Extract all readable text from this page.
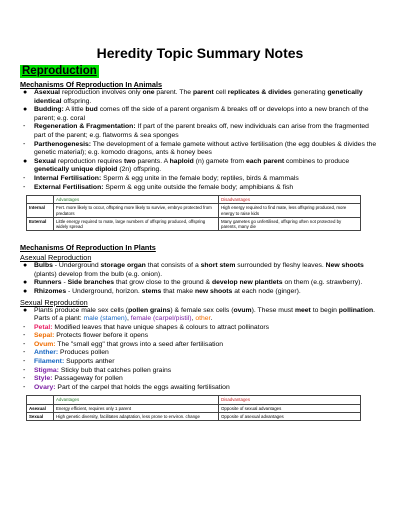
Heredity Topic Summary Notes
Reproduction
Mechanisms Of Reproduction In Animals
● Asexual reproduction involves only one parent. The parent cell replicates & divides generating genetically identical offspring.
● Budding: A little bud comes off the side of a parent organism & breaks off or develops into a new branch of the parent; e.g. coral
- Regeneration & Fragmentation: If part of the parent breaks off, new individuals can arise from the fragmented part of the parent; e.g. flatworms & sea sponges
- Parthenogenesis: The development of a female gamete without active fertilisation (the egg doubles & divides the genetic material); e.g. komodo dragons, ants & honey bees
● Sexual reproduction requires two parents. A haploid (n) gamete from each parent combines to produce genetically unique diploid (2n) offspring.
- Internal Fertilisation: Sperm & egg unite in the female body; reptiles, birds & mammals
- External Fertilisation: Sperm & egg unite outside the female body; amphibians & fish
	Advantages	Disadvantages
Internal	Fert. more likely to occur, offspring more likely to survive, embryo protected from predators	High energy required to find mate, less offspring produced, more energy to raise kids
External	Little energy required to mate, large numbers of offspring produced, offspring widely spread	Many gametes go unfertilised, offspring often not protected by parents, many die
Mechanisms Of Reproduction In Plants
Asexual Reproduction
● Bulbs - Underground storage organ that consists of a short stem surrounded by fleshy leaves. New shoots (plants) develop from the bulb (e.g. onion).
● Runners - Side branches that grow close to the ground & develop new plantlets on them (e.g. strawberry).
● Rhizomes - Underground, horizon. stems that make new shoots at each node (ginger).
Sexual Reproduction
● Plants produce male sex cells (pollen grains) & female sex cells (ovum). These must meet to begin pollination. Parts of a plant: male (stamen), female (carpel/pistil), other.
- Petal: Modified leaves that have unique shapes & colours to attract pollinators
- Sepal: Protects flower before it opens
- Ovum: The "small egg" that grows into a seed after fertilisation
- Anther: Produces pollen
- Filament: Supports anther
- Stigma: Sticky bub that catches pollen grains
- Style: Passageway for pollen
- Ovary: Part of the carpel that holds the eggs awaiting fertilisation
	Advantages	Disadvantages
Asexual	Energy efficient, requires only 1 parent	Opposite of sexual advantages
Sexual	High genetic diversity, facilitates adaptation, less prone to environ. change	Opposite of asexual advantages
